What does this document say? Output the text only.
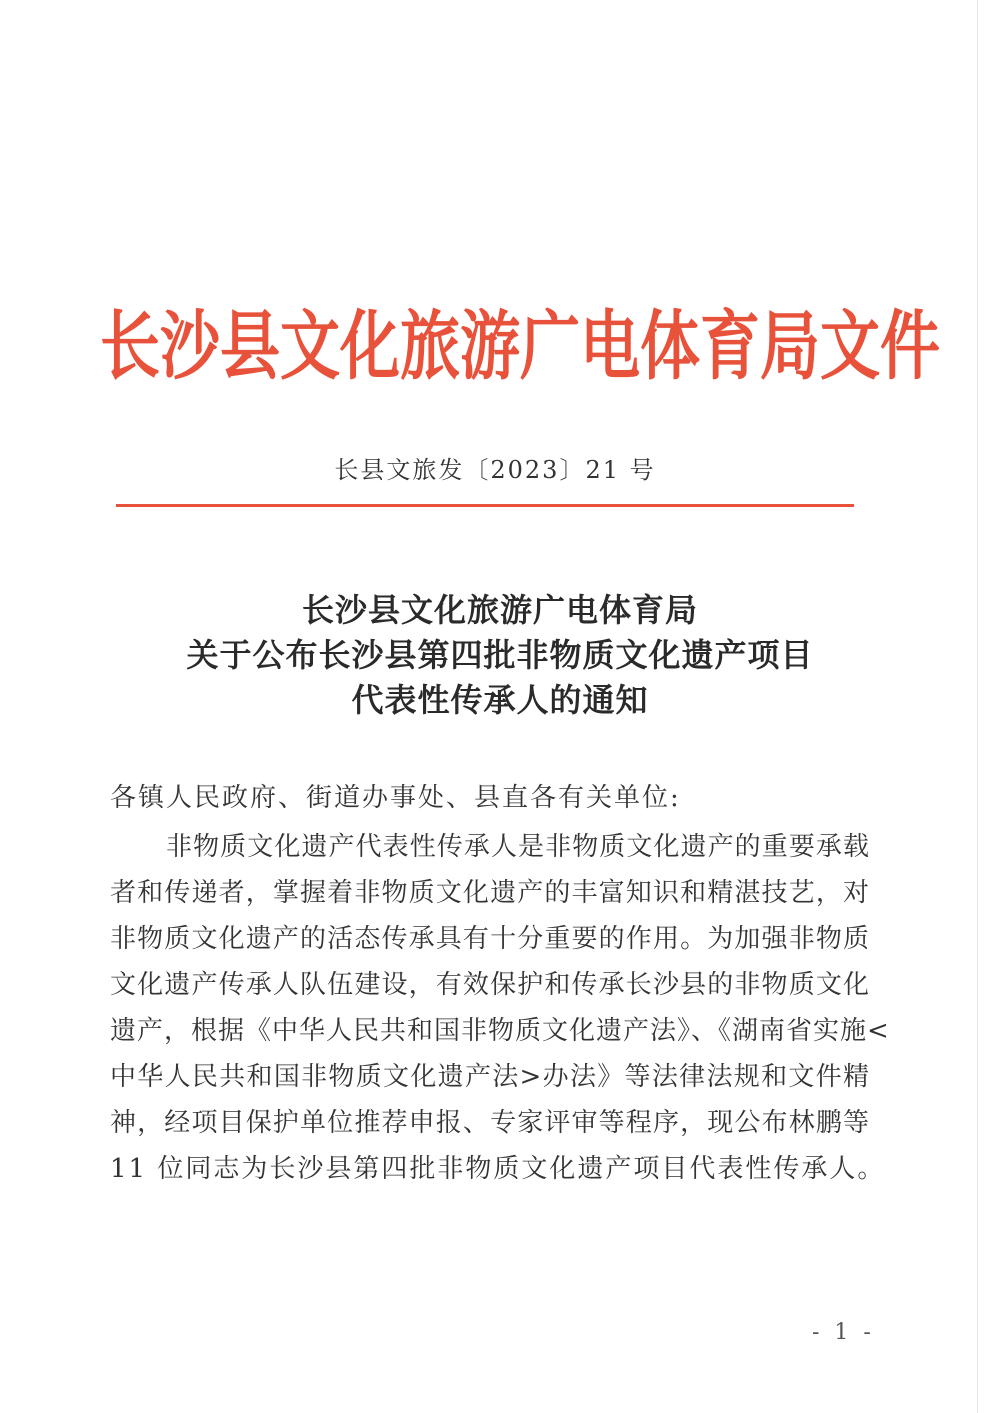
长沙县文化旅游广电体育局文件
长县文旅发〔2023〕21 号
长沙县文化旅游广电体育局
关于公布长沙县第四批非物质文化遗产项目
代表性传承人的通知
各镇人民政府、街道办事处、县直各有关单位:
非物质文化遗产代表性传承人是非物质文化遗产的重要承载
者和传递者，掌握着非物质文化遗产的丰富知识和精湛技艺，对
非物质文化遗产的活态传承具有十分重要的作用。为加强非物质
文化遗产传承人队伍建设，有效保护和传承长沙县的非物质文化
遗产，根据《中华人民共和国非物质文化遗产法》、《湖南省实施<
中华人民共和国非物质文化遗产法>办法》等法律法规和文件精
神，经项目保护单位推荐申报、专家评审等程序，现公布林鹏等
11 位同志为长沙县第四批非物质文化遗产项目代表性传承人。
- 1 -
